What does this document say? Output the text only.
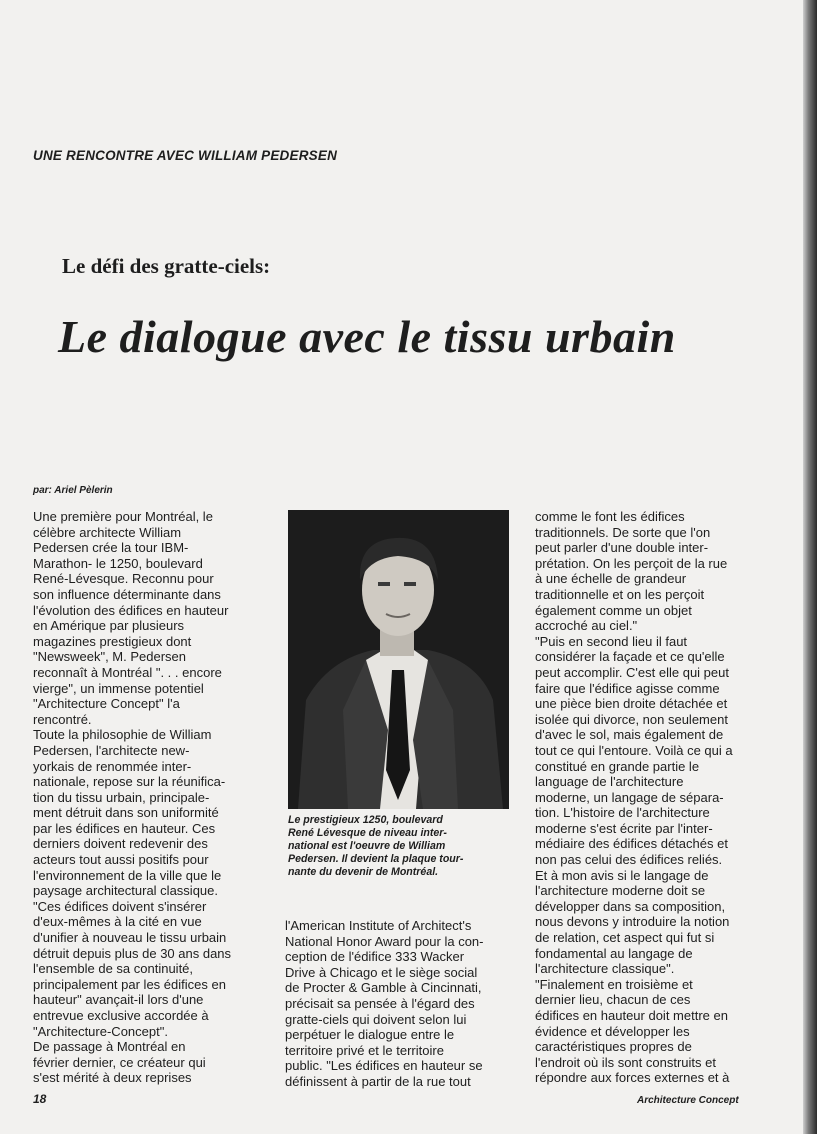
UNE RENCONTRE AVEC WILLIAM PEDERSEN
Le défi des gratte-ciels:
Le dialogue avec le tissu urbain
par: Ariel Pèlerin

Une première pour Montréal, le
célèbre architecte William
Pedersen crée la tour IBM-
Marathon- le 1250, boulevard
René-Lévesque. Reconnu pour
son influence déterminante dans
l'évolution des édifices en hauteur
en Amérique par plusieurs
magazines prestigieux dont
"Newsweek", M. Pedersen
reconnaît à Montréal ". . . encore
vierge", un immense potentiel
"Architecture Concept" l'a
rencontré.

Toute la philosophie de William
Pedersen, l'architecte new-
yorkais de renommée inter-
nationale, repose sur la réunifica-
tion du tissu urbain, principale-
ment détruit dans son uniformité
par les édifices en hauteur. Ces
derniers doivent redevenir des
acteurs tout aussi positifs pour
l'environnement de la ville que le
paysage architectural classique.
"Ces édifices doivent s'insérer
d'eux-mêmes à la cité en vue
d'unifier à nouveau le tissu urbain
détruit depuis plus de 30 ans dans
l'ensemble de sa continuité,
principalement par les édifices en
hauteur" avançait-il lors d'une
entrevue exclusive accordée à
"Architecture-Concept".

De passage à Montréal en
février dernier, ce créateur qui
s'est mérité à deux reprises

Le prestigieux 1250, boulevard
René Lévesque de niveau inter-
national est l'oeuvre de William
Pedersen. Il devient la plaque tour-
nante du devenir de Montréal.

l'American Institute of Architect's
National Honor Award pour la con-
ception de l'édifice 333 Wacker
Drive à Chicago et le siège social
de Procter & Gamble à Cincinnati,
précisait sa pensée à l'égard des
gratte-ciels qui doivent selon lui
perpétuer le dialogue entre le
territoire privé et le territoire
public. "Les édifices en hauteur se
définissent à partir de la rue tout

comme le font les édifices
traditionnels. De sorte que l'on
peut parler d'une double inter-
prétation. On les perçoit de la rue
à une échelle de grandeur
traditionnelle et on les perçoit
également comme un objet
accroché au ciel."

"Puis en second lieu il faut
considérer la façade et ce qu'elle
peut accomplir. C'est elle qui peut
faire que l'édifice agisse comme
une pièce bien droite détachée et
isolée qui divorce, non seulement
d'avec le sol, mais également de
tout ce qui l'entoure. Voilà ce qui a
constitué en grande partie le
language de l'architecture
moderne, un langage de sépara-
tion. L'histoire de l'architecture
moderne s'est écrite par l'inter-
médiaire des édifices détachés et
non pas celui des édifices reliés.
Et à mon avis si le langage de
l'architecture moderne doit se
développer dans sa composition,
nous devons y introduire la notion
de relation, cet aspect qui fut si
fondamental au langage de
l'architecture classique".

"Finalement en troisième et
dernier lieu, chacun de ces
édifices en hauteur doit mettre en
évidence et développer les
caractéristiques propres de
l'endroit où ils sont construits et
répondre aux forces externes et à

18	Architecture Concept
